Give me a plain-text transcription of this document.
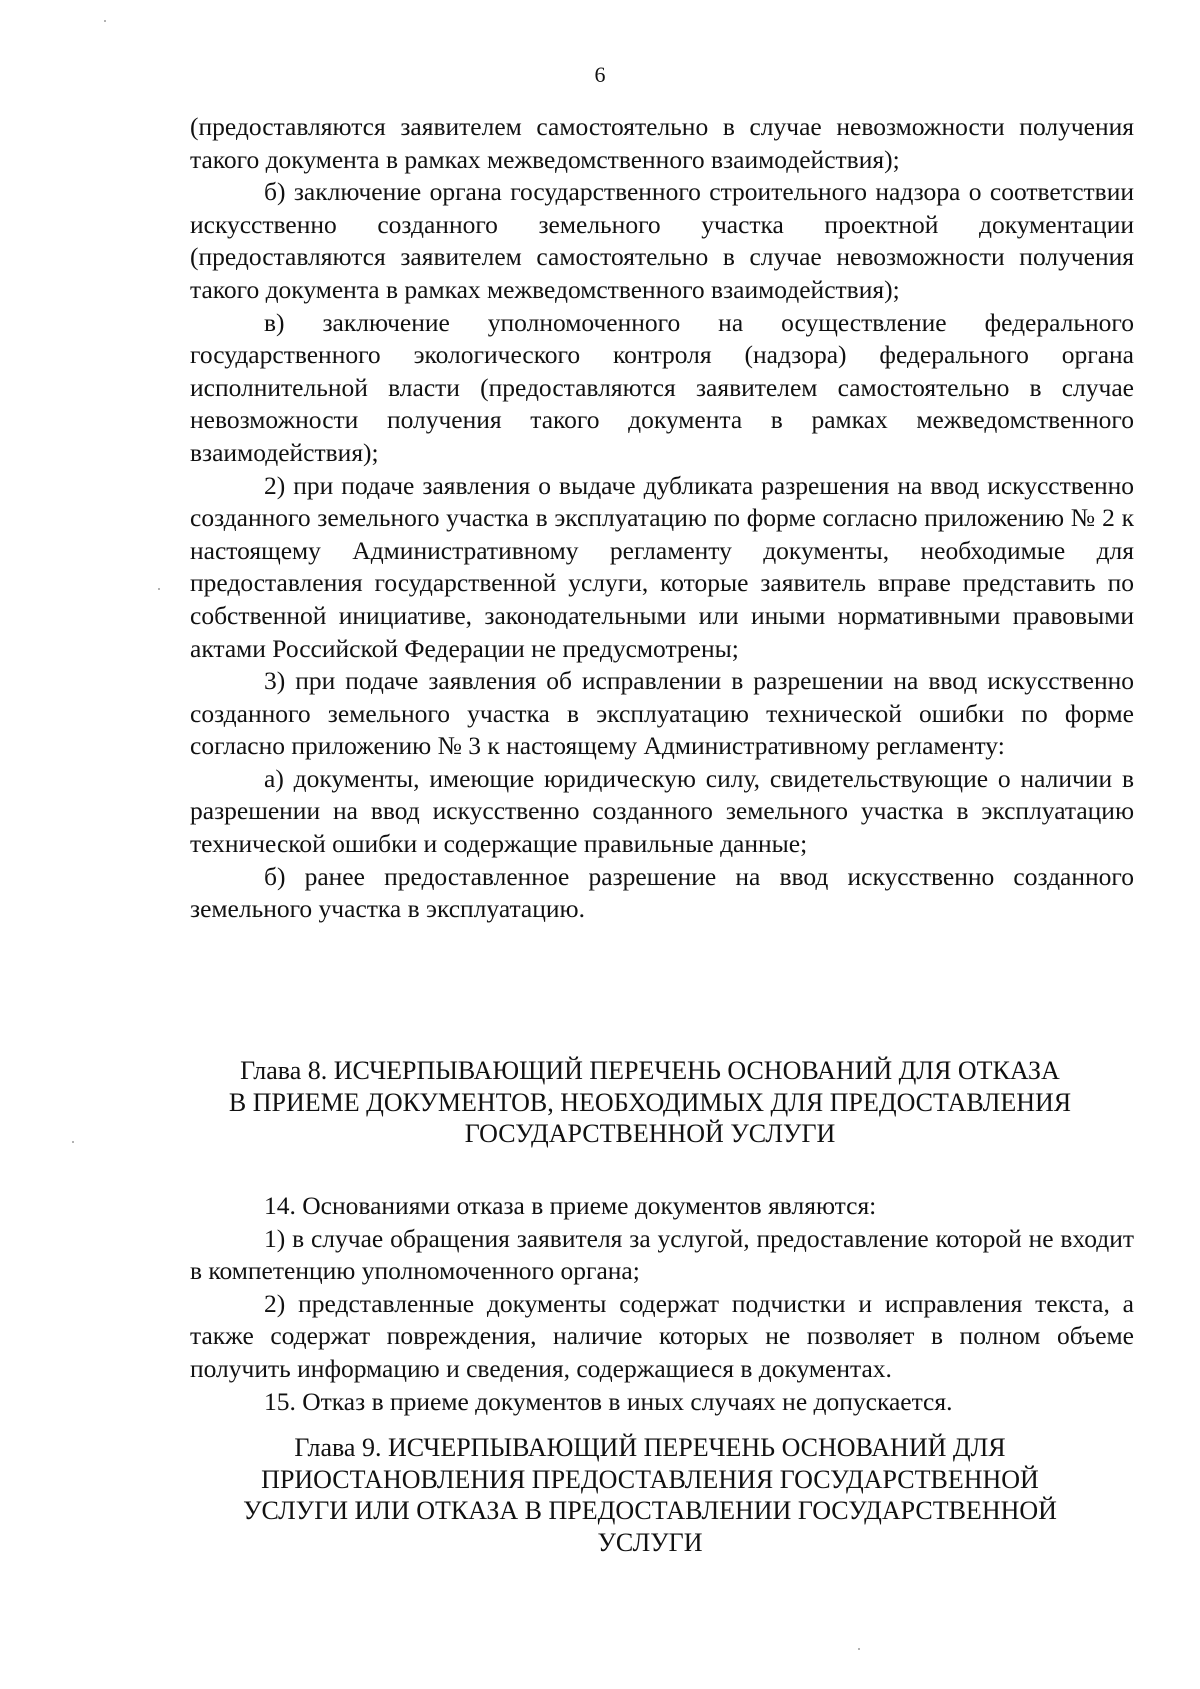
6

(предоставляются заявителем самостоятельно в случае невозможности получения такого документа в рамках межведомственного взаимодействия);

б) заключение органа государственного строительного надзора о соответствии искусственно созданного земельного участка проектной документации (предоставляются заявителем самостоятельно в случае невозможности получения такого документа в рамках межведомственного взаимодействия);

в) заключение уполномоченного на осуществление федерального государственного экологического контроля (надзора) федерального органа исполнительной власти (предоставляются заявителем самостоятельно в случае невозможности получения такого документа в рамках межведомственного взаимодействия);

2) при подаче заявления о выдаче дубликата разрешения на ввод искусственно созданного земельного участка в эксплуатацию по форме согласно приложению № 2 к настоящему Административному регламенту документы, необходимые для предоставления государственной услуги, которые заявитель вправе представить по собственной инициативе, законодательными или иными нормативными правовыми актами Российской Федерации не предусмотрены;

3) при подаче заявления об исправлении в разрешении на ввод искусственно созданного земельного участка в эксплуатацию технической ошибки по форме согласно приложению № 3 к настоящему Административному регламенту:

а) документы, имеющие юридическую силу, свидетельствующие о наличии в разрешении на ввод искусственно созданного земельного участка в эксплуатацию технической ошибки и содержащие правильные данные;

б) ранее предоставленное разрешение на ввод искусственно созданного земельного участка в эксплуатацию.

Глава 8. ИСЧЕРПЫВАЮЩИЙ ПЕРЕЧЕНЬ ОСНОВАНИЙ ДЛЯ ОТКАЗА
В ПРИЕМЕ ДОКУМЕНТОВ, НЕОБХОДИМЫХ ДЛЯ ПРЕДОСТАВЛЕНИЯ
ГОСУДАРСТВЕННОЙ УСЛУГИ

14. Основаниями отказа в приеме документов являются:

1) в случае обращения заявителя за услугой, предоставление которой не входит в компетенцию уполномоченного органа;

2) представленные документы содержат подчистки и исправления текста, а также содержат повреждения, наличие которых не позволяет в полном объеме получить информацию и сведения, содержащиеся в документах.

15. Отказ в приеме документов в иных случаях не допускается.

Глава 9. ИСЧЕРПЫВАЮЩИЙ ПЕРЕЧЕНЬ ОСНОВАНИЙ ДЛЯ
ПРИОСТАНОВЛЕНИЯ ПРЕДОСТАВЛЕНИЯ ГОСУДАРСТВЕННОЙ
УСЛУГИ ИЛИ ОТКАЗА В ПРЕДОСТАВЛЕНИИ ГОСУДАРСТВЕННОЙ
УСЛУГИ
